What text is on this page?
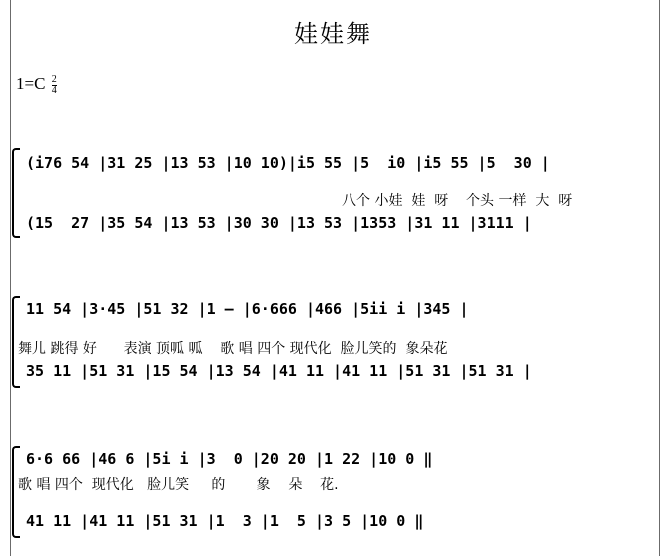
娃娃舞
$1=C \frac{2}{4}$
(i76 54 |31 25 |13 53 |10 10)|i5 55 |5  i0 |i5 55 |5  30 |
八个 小娃  娃  呀    个头 一样  大  呀
(15  27 |35 54 |13 53 |30 30 |13 53 |1353 |31 11 |3111 |
11 54 |3·45 |51 32 |1 — |6·666 |466 |5ii i |345 |
舞儿 跳得 好      表演 顶呱 呱    歌 唱 四个 现代化  脸儿笑的  象朵花
35 11 |51 31 |15 54 |13 54 |41 11 |41 11 |51 31 |51 31 |
6·6 66 |46 6 |5i i |3  0 |20 20 |1 22 |10 0 ‖
歌 唱 四个  现代化   脸儿笑     的       象    朵    花.
41 11 |41 11 |51 31 |1  3 |1  5 |3 5 |10 0 ‖
